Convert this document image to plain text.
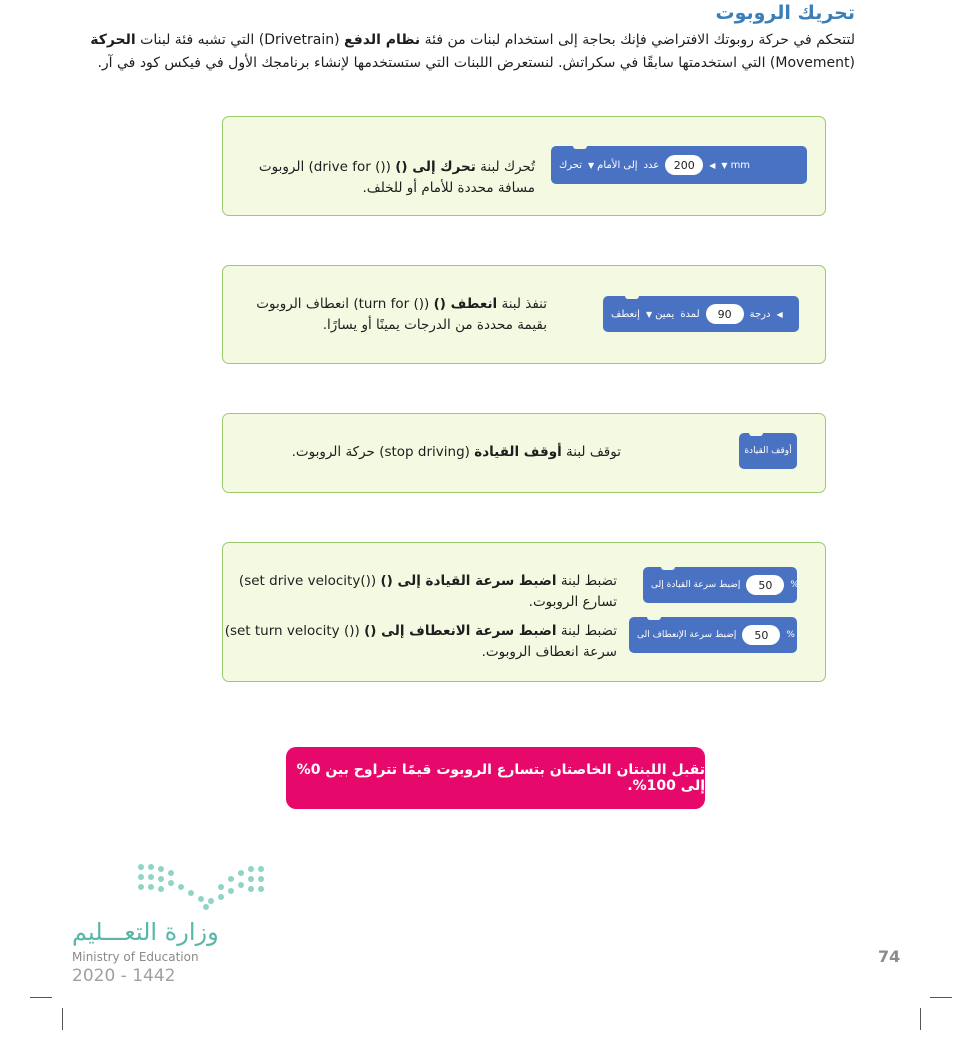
تحريك الروبوت
لتتحكم في حركة روبوتك الافتراضي فإنك بحاجة إلى استخدام لبنات من فئة نظام الدفع (Drivetrain) التي تشبه فئة لبنات الحركة
(Movement) التي استخدمتها سابقًا في سكراتش. لنستعرض اللبنات التي ستستخدمها لإنشاء برنامجك الأول في فيكس كود في آر.
تحرك إلى الأمام
▼	عدد	200	◀ mm
▼
تُحرك لبنة تحرك إلى () (() drive for) الروبوت
مسافة محددة للأمام أو للخلف.
إنعطف يمين
▼	لمدة	90	درجة ◀
تنفذ لبنة انعطف () (() turn for) انعطاف الروبوت
بقيمة محددة من الدرجات يمينًا أو يسارًا.
أوقف القيادة
توقف لبنة أوقف القيادة (stop driving) حركة الروبوت.
إضبط سرعة القيادة إلى	50	%
إضبط سرعة الإنعطاف الى	50	%
تضبط لبنة اضبط سرعة القيادة إلى () (()set drive velocity)
تسارع الروبوت.
تضبط لبنة اضبط سرعة الانعطاف إلى () (() set turn velocity)
سرعة انعطاف الروبوت.
تقبل اللبنتان الخاصتان بتسارع الروبوت قيمًا تتراوح بين 0% إلى 100%.
وزارة التعـــليم
Ministry of Education
2020 - 1442
74
